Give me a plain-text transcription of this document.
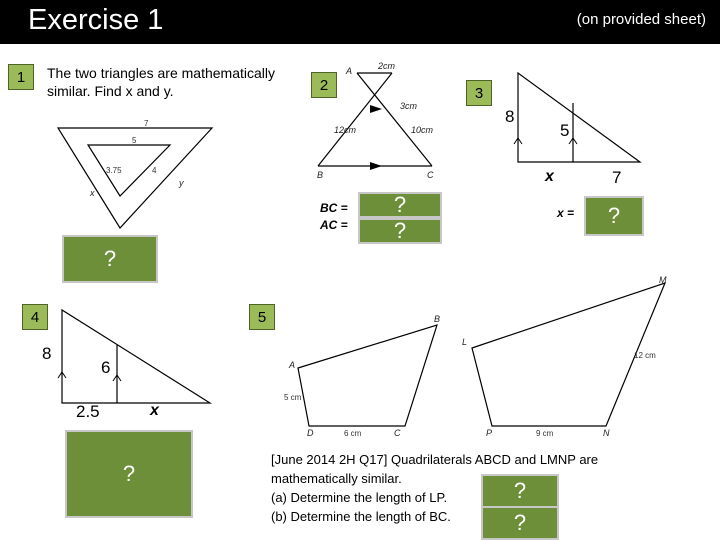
Exercise 1	(on provided sheet)
1	The two triangles are mathematically
similar. Find x and y.
7
5
3.75	4
x
y
?
2
2cm
A
3cm
12cm	10cm
B	C
BC =
AC =
?
?
3
8
5
x	7
x =	?
4
8
6
2.5	x
?
5	B
A
5 cm
D	6 cm	C
M
L
12 cm
P	9 cm	N
[June 2014 2H Q17] Quadrilaterals ABCD and LMNP are
mathematically similar.
(a) Determine the length of LP.
(b) Determine the length of BC.
?
?
